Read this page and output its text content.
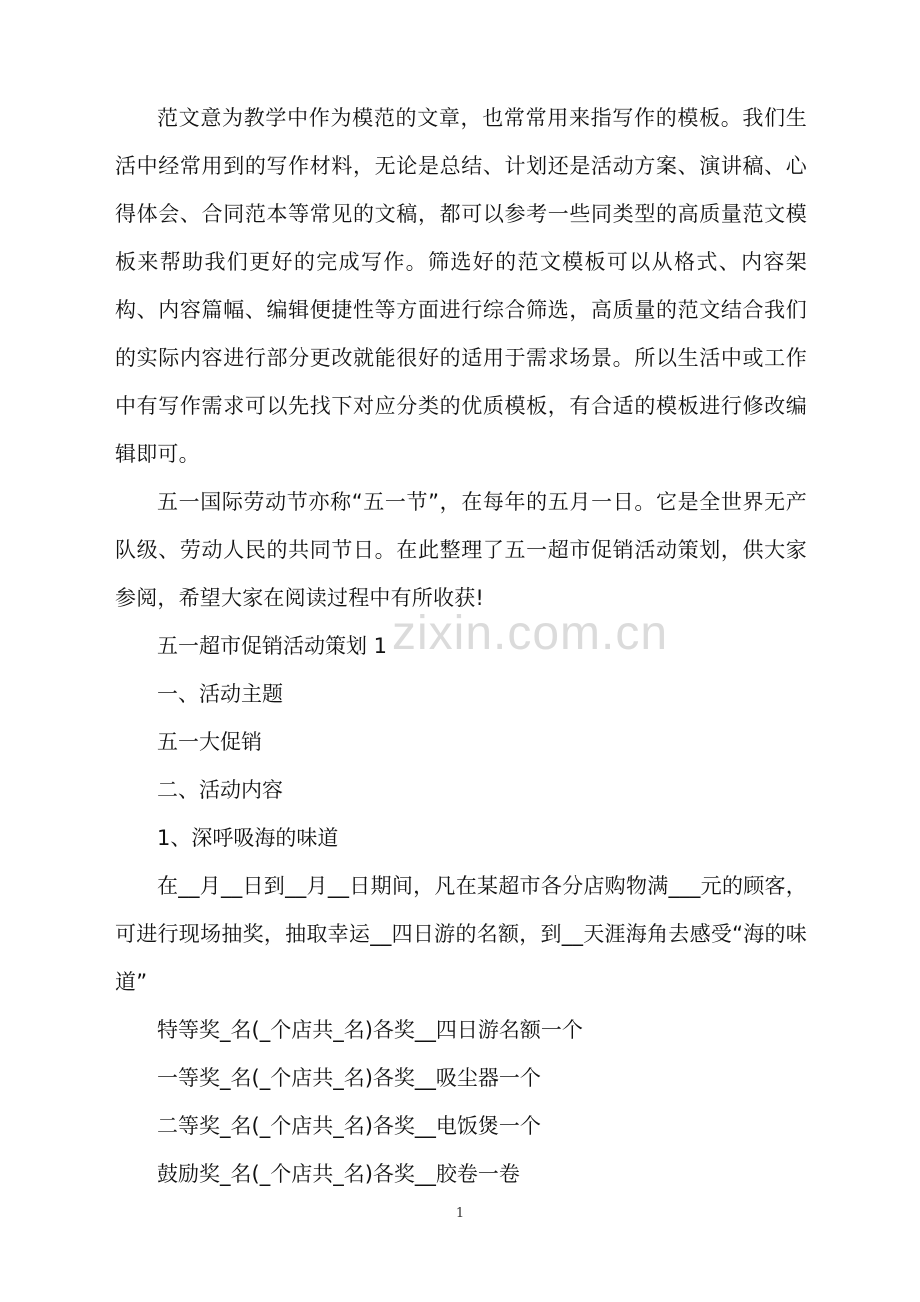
范文意为教学中作为模范的文章，也常常用来指写作的模板。我们生活中经常用到的写作材料，无论是总结、计划还是活动方案、演讲稿、心得体会、合同范本等常见的文稿，都可以参考一些同类型的高质量范文模板来帮助我们更好的完成写作。筛选好的范文模板可以从格式、内容架构、内容篇幅、编辑便捷性等方面进行综合筛选，高质量的范文结合我们的实际内容进行部分更改就能很好的适用于需求场景。所以生活中或工作中有写作需求可以先找下对应分类的优质模板，有合适的模板进行修改编辑即可。

五一国际劳动节亦称“五一节”，在每年的五月一日。它是全世界无产队级、劳动人民的共同节日。在此整理了五一超市促销活动策划，供大家参阅，希望大家在阅读过程中有所收获!

五一超市促销活动策划 1

一、活动主题

五一大促销

二、活动内容

1、深呼吸海的味道

在__月__日到__月__日期间，凡在某超市各分店购物满___元的顾客，可进行现场抽奖，抽取幸运__四日游的名额，到__天涯海角去感受“海的味道”

特等奖_名(_个店共_名)各奖__四日游名额一个

一等奖_名(_个店共_名)各奖__吸尘器一个

二等奖_名(_个店共_名)各奖__电饭煲一个

鼓励奖_名(_个店共_名)各奖__胶卷一卷

zixin.com.cn
1
